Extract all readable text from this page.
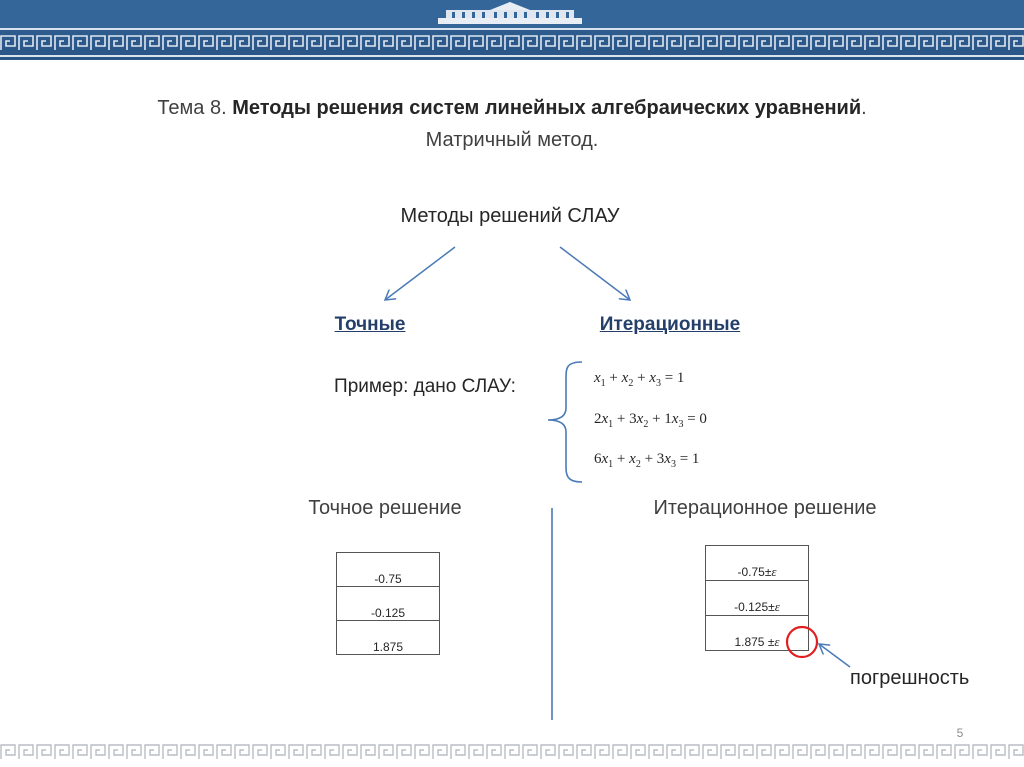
Тема 8. Методы решения систем линейных алгебраических уравнений. Матричный метод.
Методы решений СЛАУ
Точные	Итерационные
Пример: дано СЛАУ:	$x_1 + x_2 + x_3 = 1$
$2x_1 + 3x_2 + 1x_3 = 0$
$6x_1 + x_2 + 3x_3 = 1$
Точное решение	Итерационное решение
-0.75
-0.125
1.875
-0.75±ε
-0.125±ε
1.875 ±ε
погрешность
5
